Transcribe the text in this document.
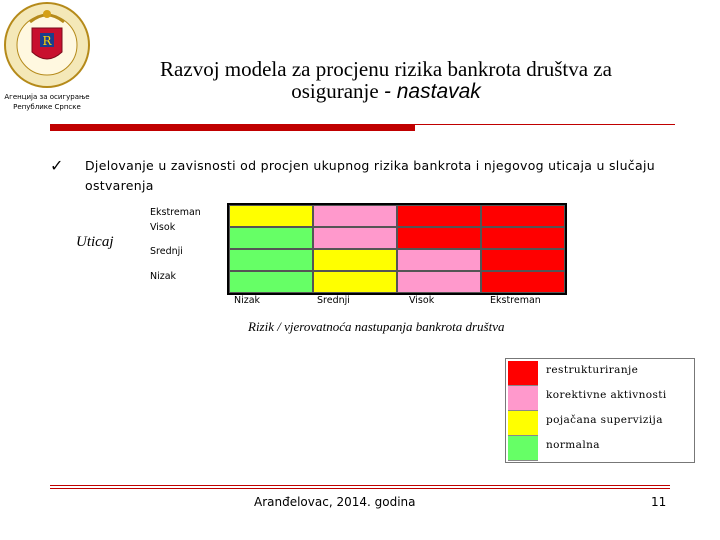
R
Агенција за осигурање
Републике Српске
Razvoj modela za procjenu rizika bankrota društva za
osiguranje - nastavak
✓ Djelovanje u zavisnosti od procjen ukupnog rizika bankrota i njegovog uticaja u slučaju ostvarenja
Uticaj
Ekstreman
Visok
Srednji
Nizak
Nizak	Srednji	Visok	Ekstreman
Rizik / vjerovatnoća nastupanja bankrota društva
restrukturiranje
korektivne aktivnosti
pojačana supervizija
normalna
Aranđelovac, 2014. godina	11
